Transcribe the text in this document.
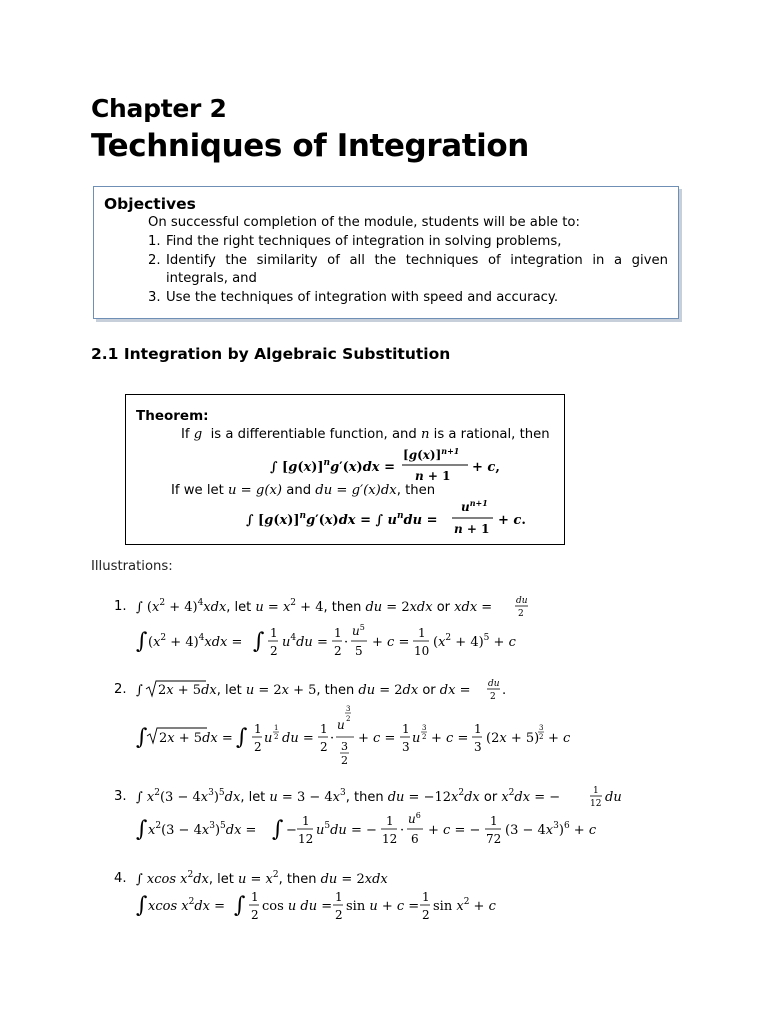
Chapter 2
Techniques of Integration
Objectives
On successful completion of the module, students will be able to:
1. Find the right techniques of integration in solving problems,
2. Identify the similarity of all the techniques of integration in a given
integrals, and
3. Use the techniques of integration with speed and accuracy.
2.1 Integration by Algebraic Substitution
Theorem:
If g is a differentiable function, and n is a rational, then
∫ $[g(x)]^ng'(x)dx$ =
$[g(x)]^{n+1}$
n + 1
+ c,
If we let u = g(x) and du = g′(x)dx, then
∫ $[g(x)]^ng'(x)dx$ = ∫ $u^ndu$ =
$u^{n+1}$
n + 1
+ c.
Illustrations:
1. ∫ $(x^2 + 4)^4xdx$, let $u = x^2 + 4$, then du = 2xdx or xdx =	du
2
∫ $(x^2 + 4)^4xdx$ = ∫ 1
2
$u^4du$ =
1
2
·
$u^5$
5
+ c =
1
10
$(x^2 + 4)^5 + c$
2. ∫ 2x + 5dx, let u = 2x + 5, then du = 2dx or dx = du
2 .
∫ 2x + 5dx = ∫ 1
2
u
1
2 du =
1
2
·
u
3
2
3
2
+ c =
1
3
u
3
2 + c =
1
3
(2x + 5)
3
2 + c
3. ∫ $x^2(3 - 4x^3)^5dx$, let $u = 3 - 4x^3$, then du = $-12x^2dx$ or $x^2dx$ = −	1
12 du
∫ $x^2(3 - 4x^3)^5dx$ = ∫ −
1
12
$u^5du$ = −
1
12
·
$u^6$
6
+ c = −
1
72
$(3 - 4x^3)^6 + c$
4. ∫ xcos $x^2dx$, let $u = x^2$, then du = 2xdx
∫ xcos $x^2dx$ = ∫ 1
2
cos u du =
1
2
sin u + c =
1
2
$\sin x^2 + c$
